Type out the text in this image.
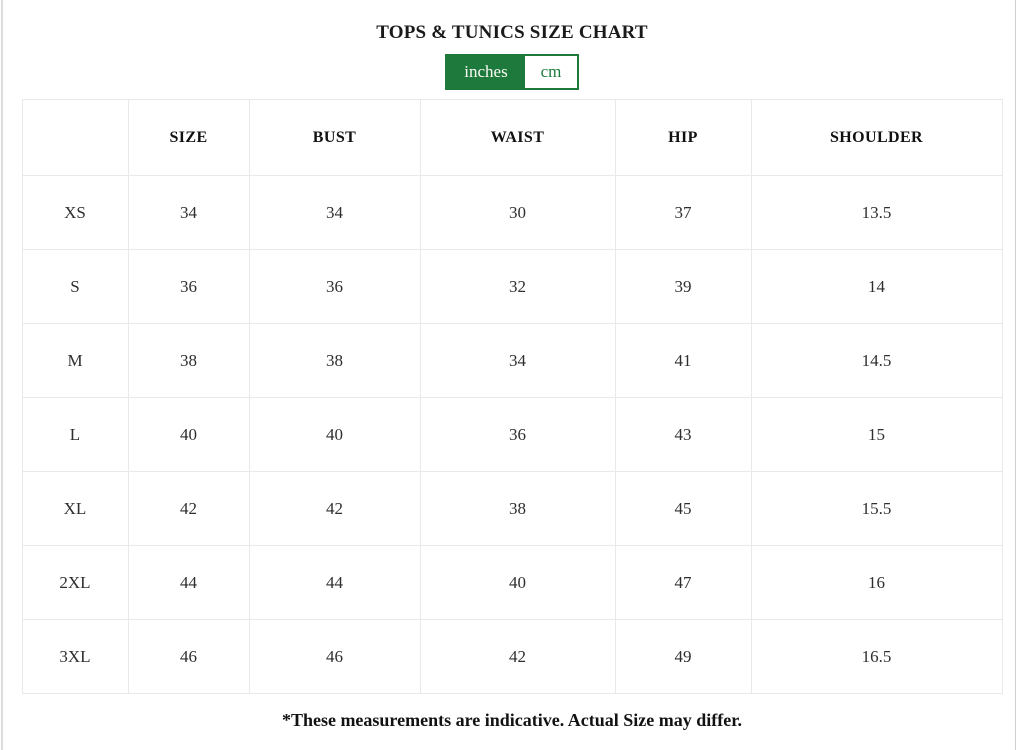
TOPS & TUNICS SIZE CHART
inches	cm
	SIZE	BUST	WAIST	HIP	SHOULDER
XS	34	34	30	37	13.5
S	36	36	32	39	14
M	38	38	34	41	14.5
L	40	40	36	43	15
XL	42	42	38	45	15.5
2XL	44	44	40	47	16
3XL	46	46	42	49	16.5

*These measurements are indicative. Actual Size may differ.
